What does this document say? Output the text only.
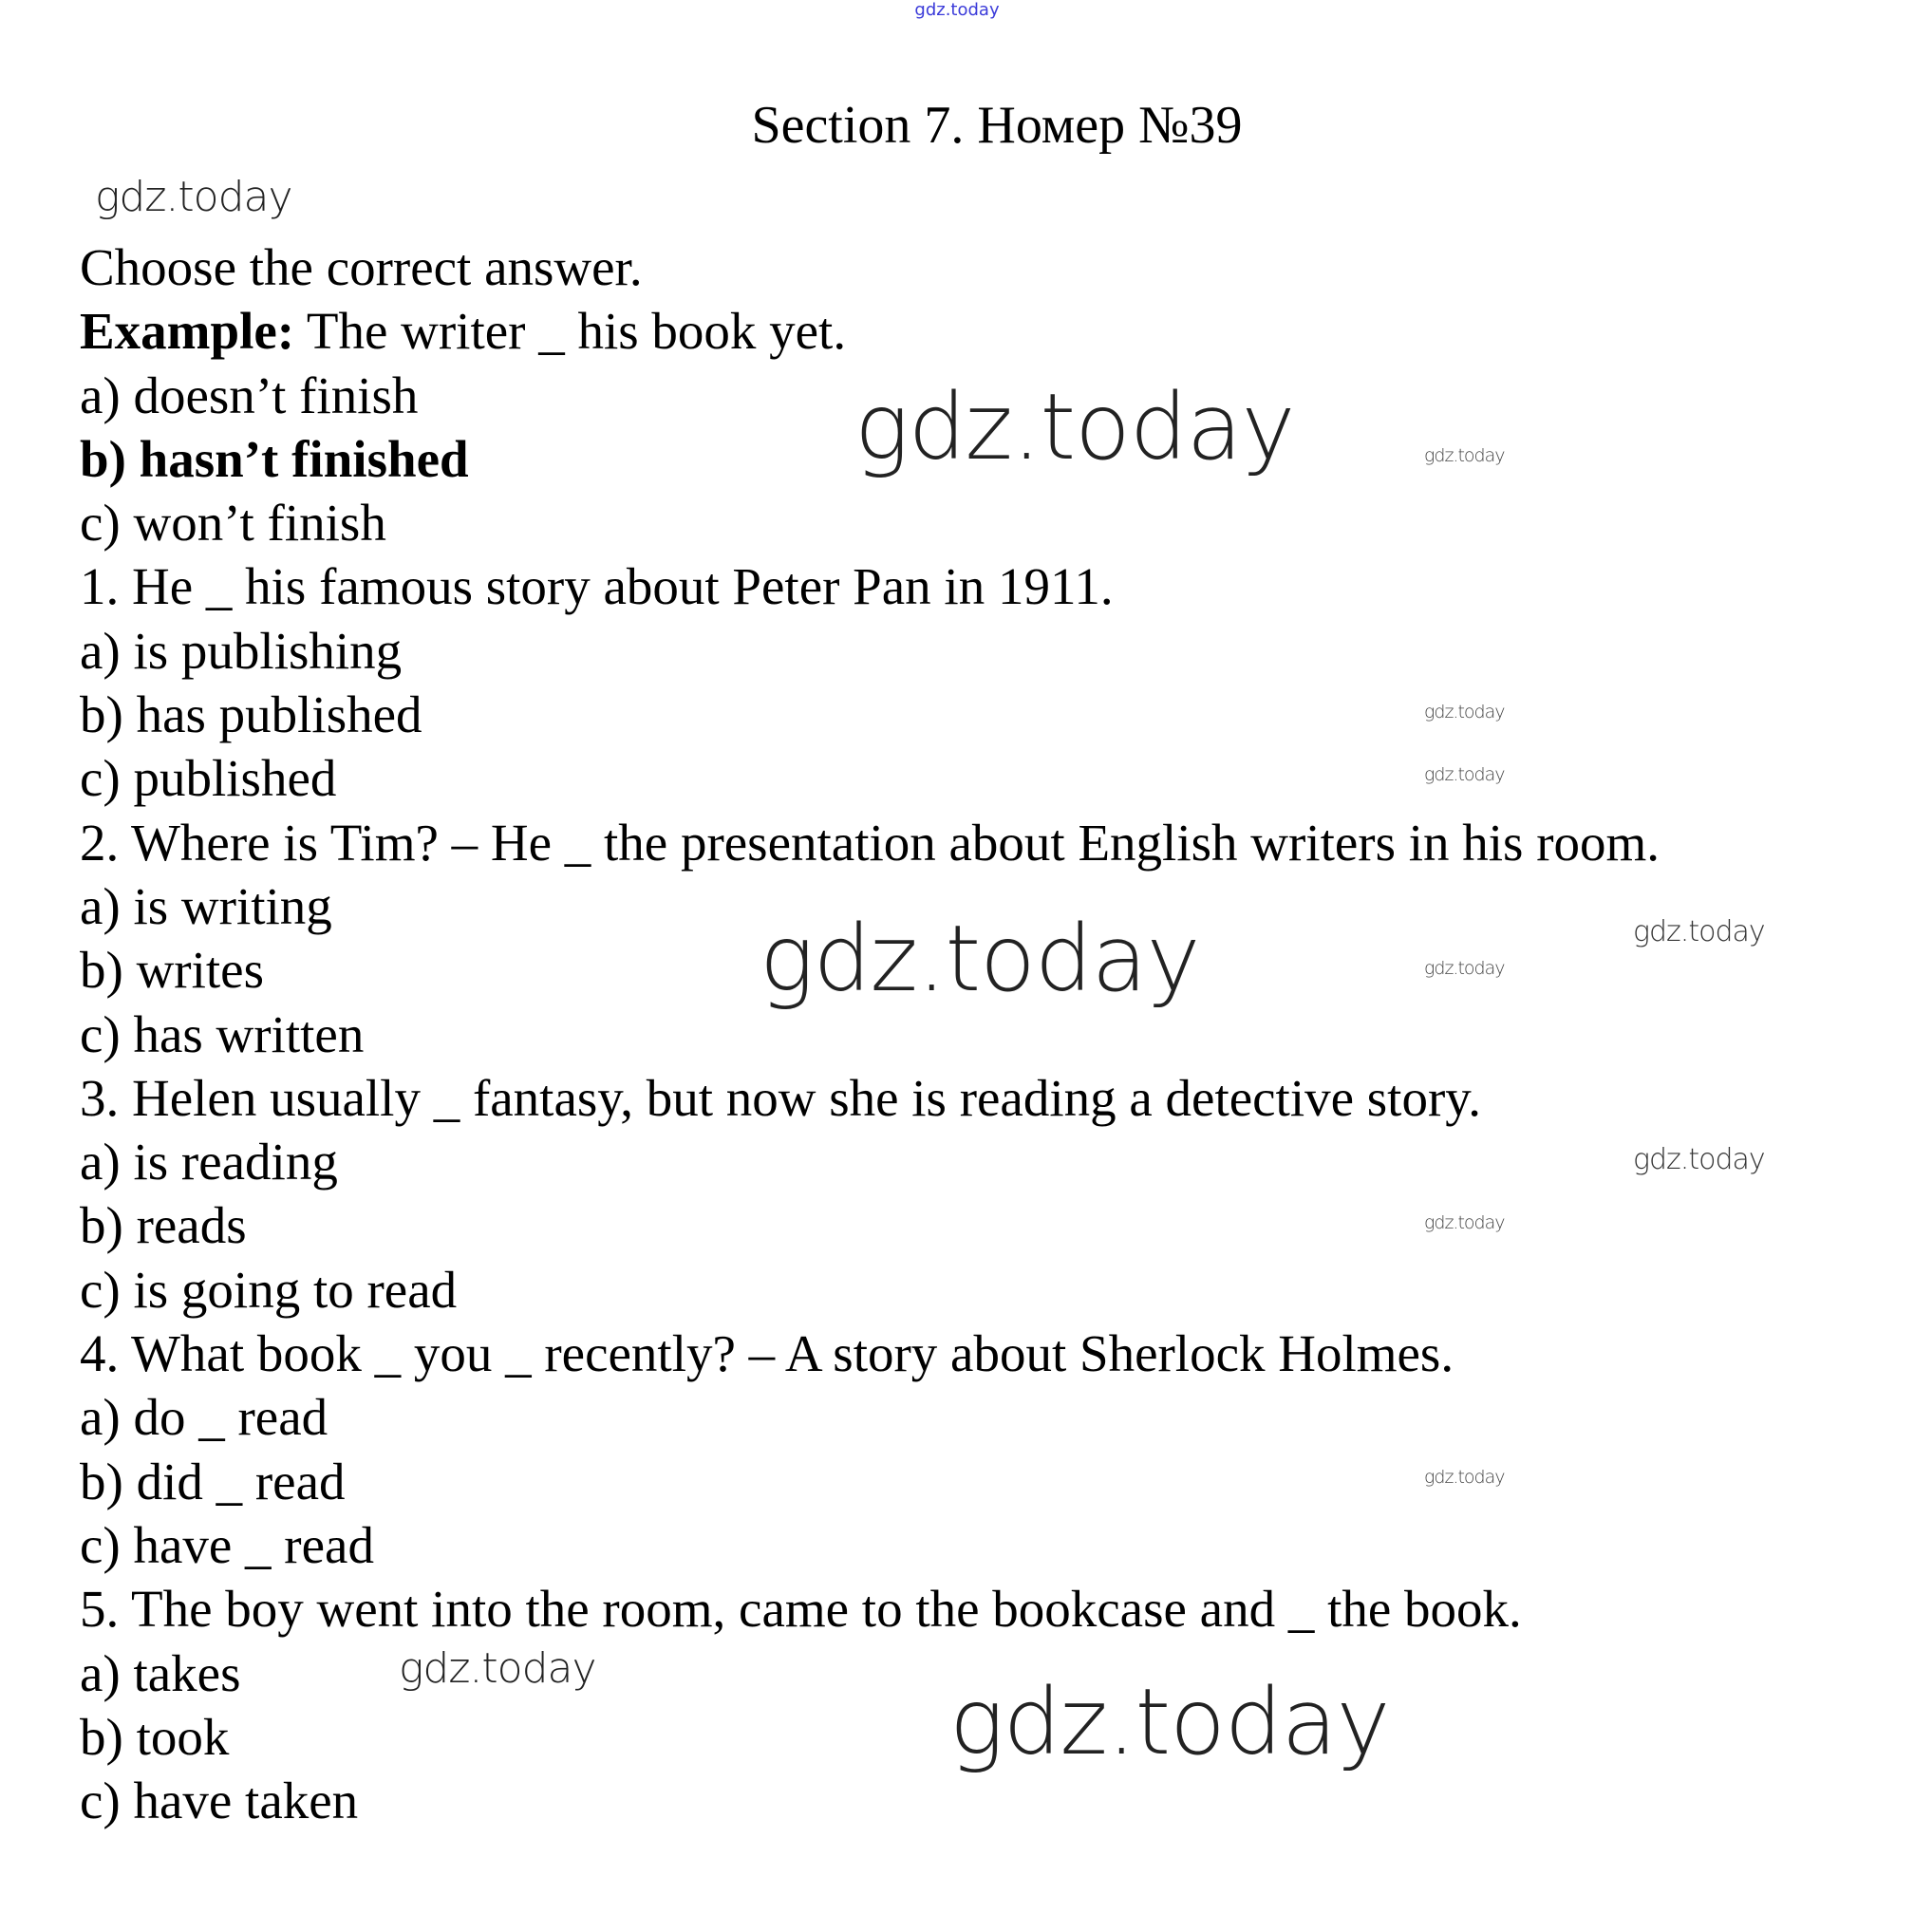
gdz.today
Section 7. Номер №39
Choose the correct answer.
Example: The writer _ his book yet.
a) doesn’t finish
b) hasn’t finished
c) won’t finish
1. He _ his famous story about Peter Pan in 1911.
a) is publishing
b) has published
c) published
2. Where is Tim? – He _ the presentation about English writers in his room.
a) is writing
b) writes
c) has written
3. Helen usually _ fantasy, but now she is reading a detective story.
a) is reading
b) reads
c) is going to read
4. What book _ you _ recently? – A story about Sherlock Holmes.
a) do _ read
b) did _ read
c) have _ read
5. The boy went into the room, came to the bookcase and _ the book.
a) takes
b) took
c) have taken
gdz.today
gdz.today	gdz.today
gdz.today
gdz.today
gdz.today	gdz.today
gdz.today
gdz.today
gdz.today
gdz.today
gdz.today
gdz.today
